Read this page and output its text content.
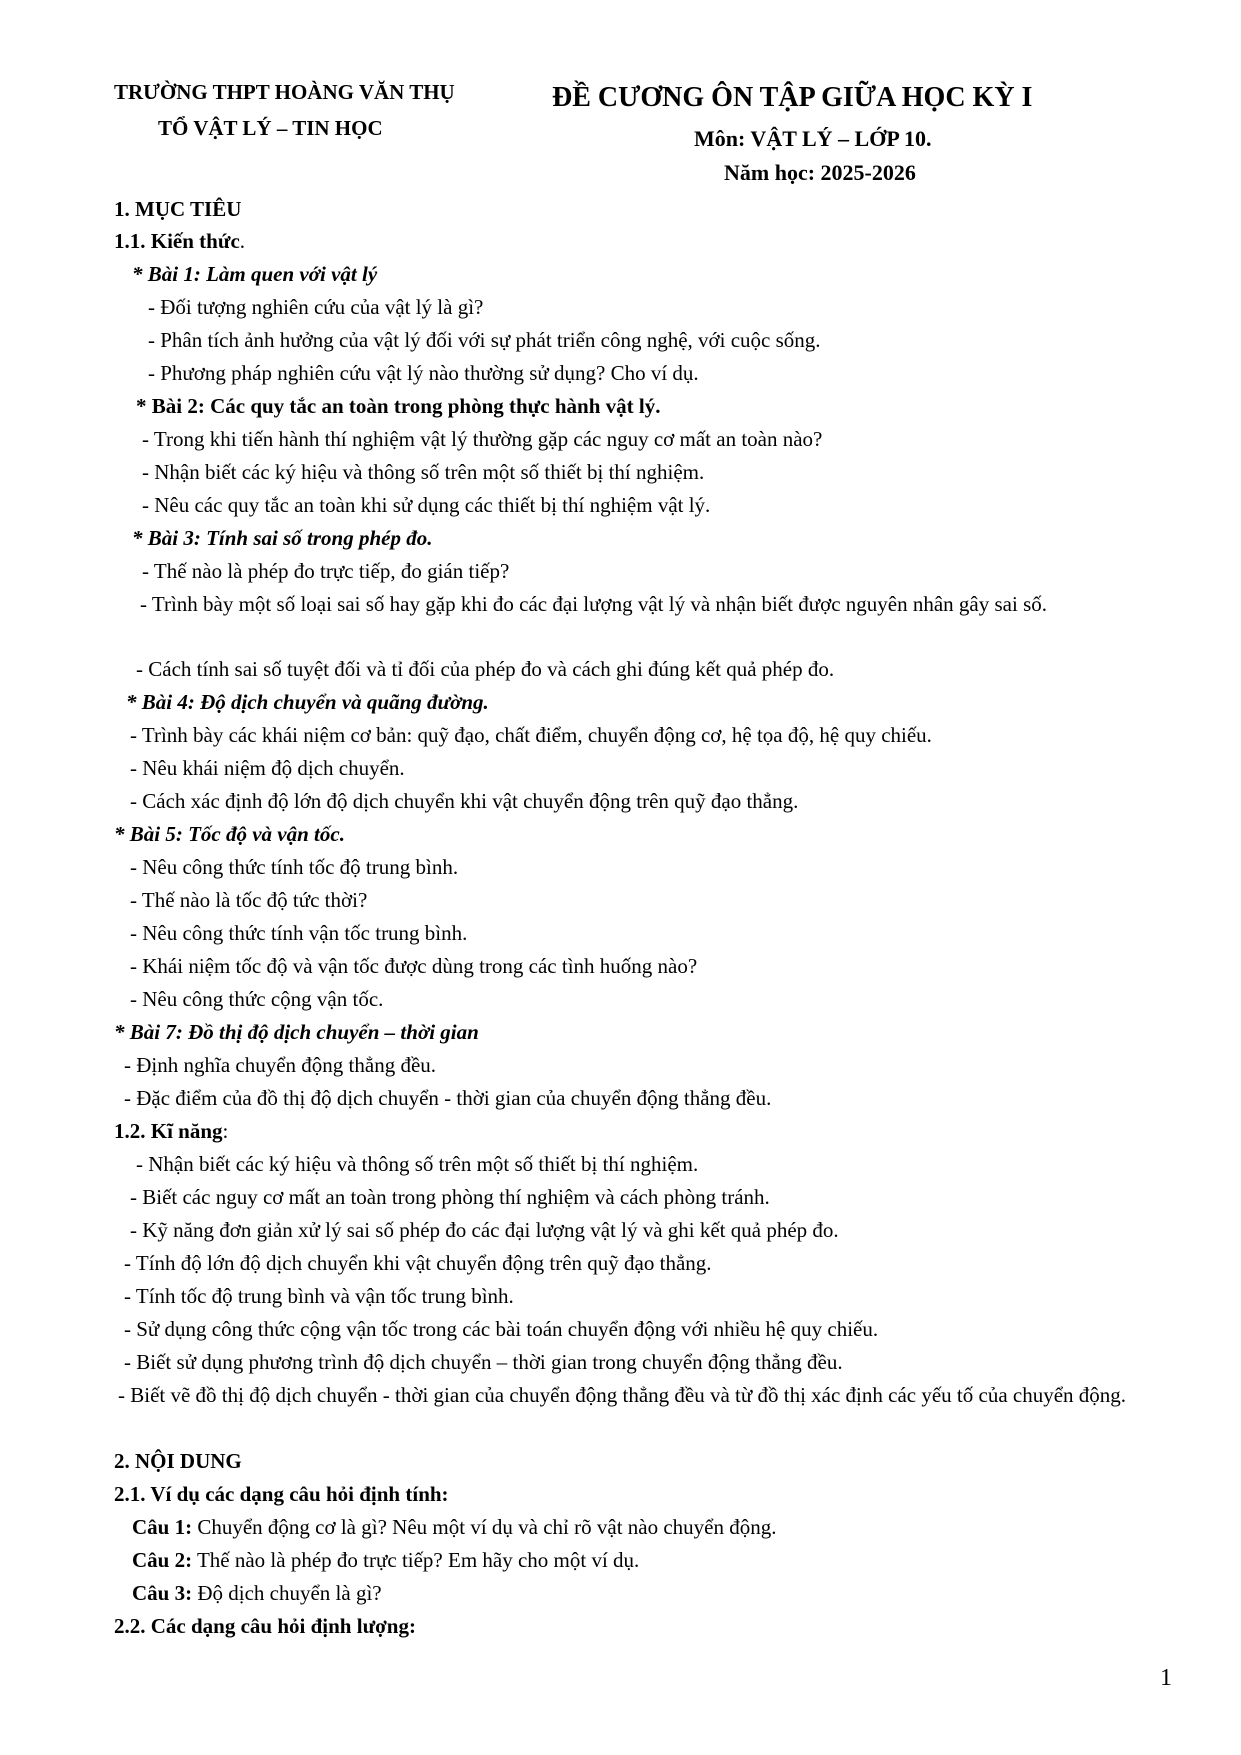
TRƯỜNG THPT HOÀNG VĂN THỤ
TỔ VẬT LÝ – TIN HỌC
ĐỀ CƯƠNG ÔN TẬP GIỮA HỌC KỲ I
Môn: VẬT LÝ – LỚP 10.
Năm học: 2025-2026
1. MỤC TIÊU
1.1. Kiến thức.
* Bài 1: Làm quen với vật lý
- Đối tượng nghiên cứu của vật lý là gì?
- Phân tích ảnh hưởng của vật lý đối với sự phát triển công nghệ, với cuộc sống.
- Phương pháp nghiên cứu vật lý nào thường sử dụng? Cho ví dụ.
* Bài 2: Các quy tắc an toàn trong phòng thực hành vật lý.
- Trong khi tiến hành thí nghiệm vật lý thường gặp các nguy cơ mất an toàn nào?
- Nhận biết các ký hiệu và thông số trên một số thiết bị thí nghiệm.
- Nêu các quy tắc an toàn khi sử dụng các thiết bị thí nghiệm vật lý.
* Bài 3: Tính sai số trong phép đo.
- Thế nào là phép đo trực tiếp, đo gián tiếp?
- Trình bày một số loại sai số hay gặp khi đo các đại lượng vật lý và nhận biết được nguyên nhân gây sai số.
- Cách tính sai số tuyệt đối và tỉ đối của phép đo và cách ghi đúng kết quả phép đo.
* Bài 4: Độ dịch chuyển và quãng đường.
- Trình bày các khái niệm cơ bản: quỹ đạo, chất điểm, chuyển động cơ, hệ tọa độ, hệ quy chiếu.
- Nêu khái niệm độ dịch chuyển.
- Cách xác định độ lớn độ dịch chuyển khi vật chuyển động trên quỹ đạo thẳng.
* Bài 5: Tốc độ và vận tốc.
- Nêu công thức tính tốc độ trung bình.
- Thế nào là tốc độ tức thời?
- Nêu công thức tính vận tốc trung bình.
- Khái niệm tốc độ và vận tốc được dùng trong các tình huống nào?
- Nêu công thức cộng vận tốc.
* Bài 7: Đồ thị độ dịch chuyển – thời gian
- Định nghĩa chuyển động thẳng đều.
- Đặc điểm của đồ thị độ dịch chuyển - thời gian của chuyển động thẳng đều.
1.2. Kĩ năng:
- Nhận biết các ký hiệu và thông số trên một số thiết bị thí nghiệm.
- Biết các nguy cơ mất an toàn trong phòng thí nghiệm và cách phòng tránh.
- Kỹ năng đơn giản xử lý sai số phép đo các đại lượng vật lý và ghi kết quả phép đo.
- Tính độ lớn độ dịch chuyển khi vật chuyển động trên quỹ đạo thẳng.
- Tính tốc độ trung bình và vận tốc trung bình.
- Sử dụng công thức cộng vận tốc trong các bài toán chuyển động với nhiều hệ quy chiếu.
- Biết sử dụng phương trình độ dịch chuyển – thời gian trong chuyển động thẳng đều.
- Biết vẽ đồ thị độ dịch chuyển - thời gian của chuyển động thẳng đều và từ đồ thị xác định các yếu tố của chuyển động.
2. NỘI DUNG
2.1. Ví dụ các dạng câu hỏi định tính:
Câu 1: Chuyển động cơ là gì? Nêu một ví dụ và chỉ rõ vật nào chuyển động.
Câu 2: Thế nào là phép đo trực tiếp? Em hãy cho một ví dụ.
Câu 3: Độ dịch chuyển là gì?
2.2. Các dạng câu hỏi định lượng:
1
